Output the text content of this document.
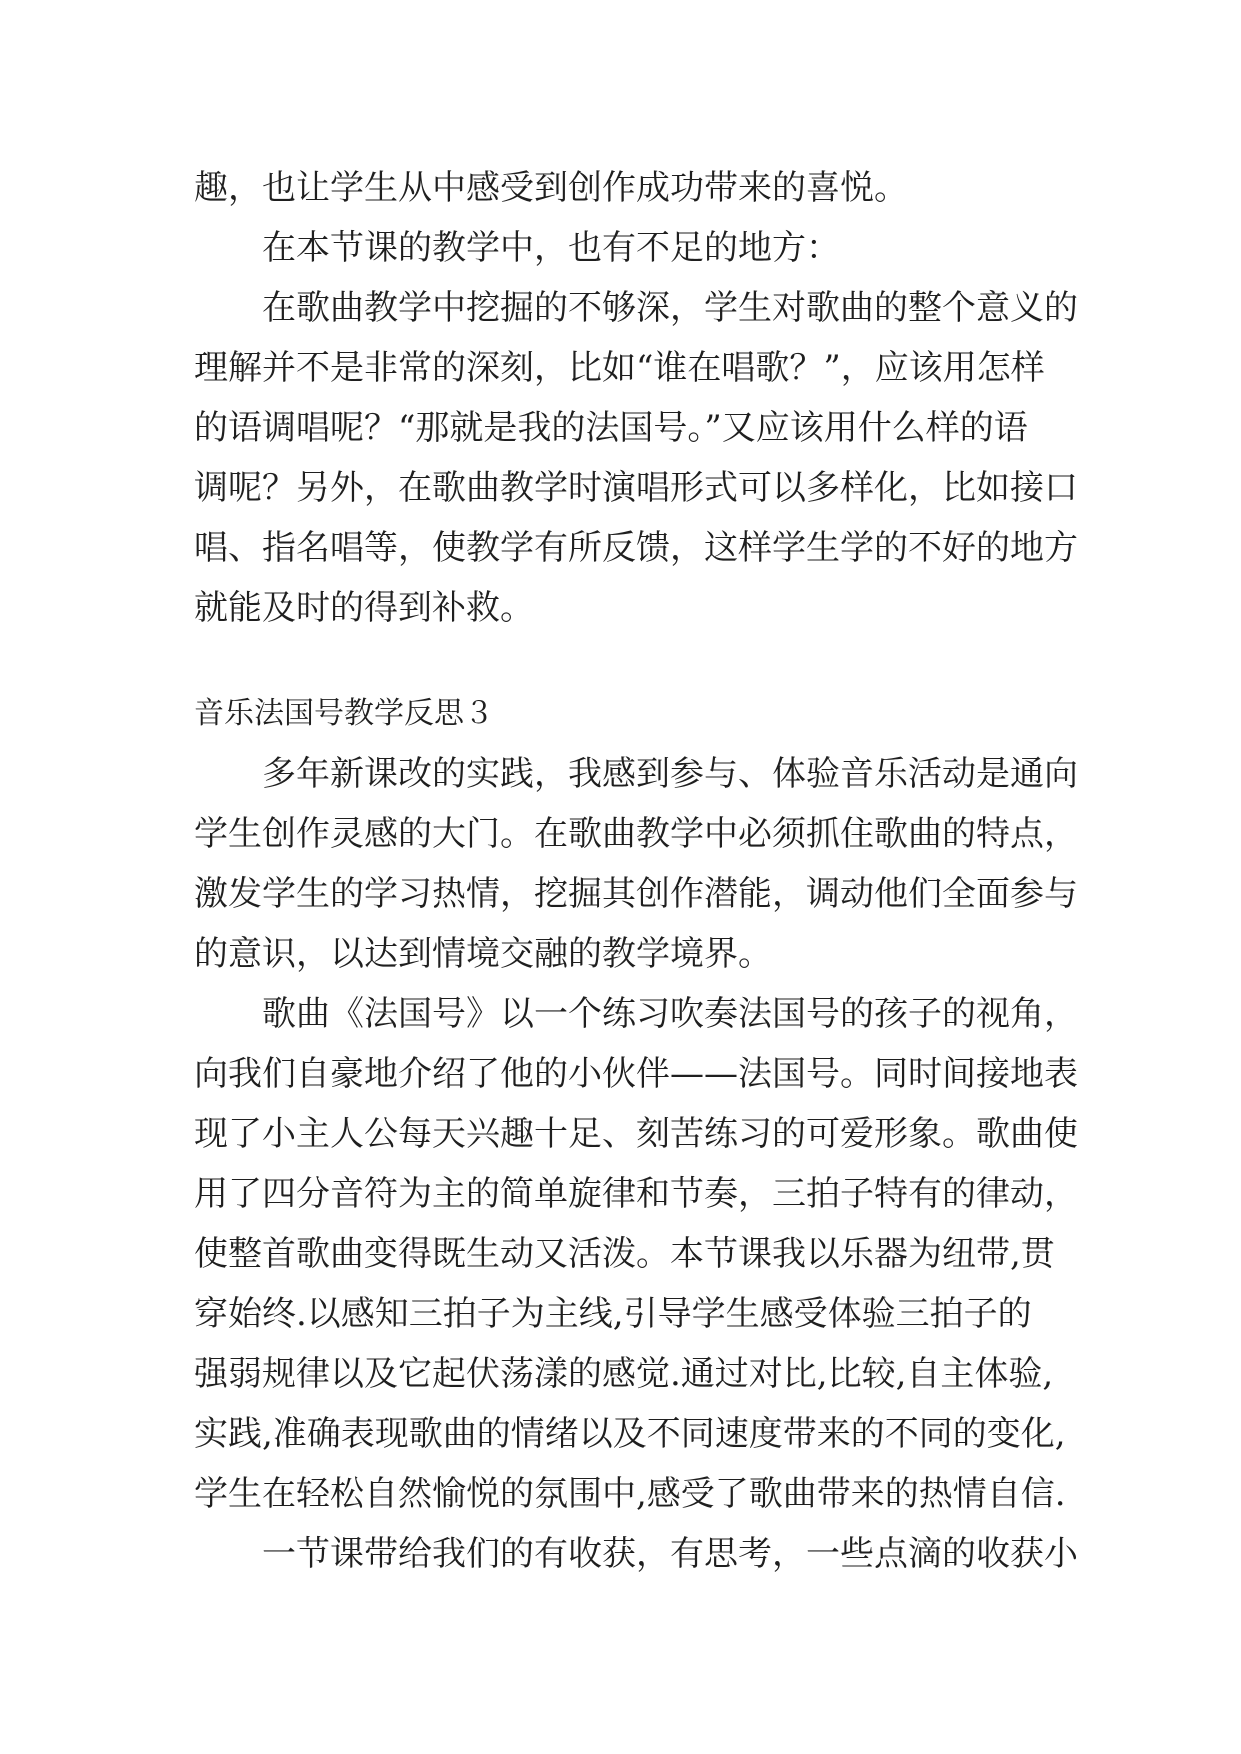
趣，也让学生从中感受到创作成功带来的喜悦。
在本节课的教学中，也有不足的地方：
在歌曲教学中挖掘的不够深，学生对歌曲的整个意义的
理解并不是非常的深刻，比如“谁在唱歌？”，应该用怎样
的语调唱呢？“那就是我的法国号。”又应该用什么样的语
调呢？另外，在歌曲教学时演唱形式可以多样化，比如接口
唱、指名唱等，使教学有所反馈，这样学生学的不好的地方
就能及时的得到补救。
音乐法国号教学反思３
多年新课改的实践，我感到参与、体验音乐活动是通向
学生创作灵感的大门。在歌曲教学中必须抓住歌曲的特点，
激发学生的学习热情，挖掘其创作潜能，调动他们全面参与
的意识，以达到情境交融的教学境界。
歌曲《法国号》以一个练习吹奏法国号的孩子的视角，
向我们自豪地介绍了他的小伙伴——法国号。同时间接地表
现了小主人公每天兴趣十足、刻苦练习的可爱形象。歌曲使
用了四分音符为主的简单旋律和节奏，三拍子特有的律动，
使整首歌曲变得既生动又活泼。本节课我以乐器为纽带,贯
穿始终.以感知三拍子为主线,引导学生感受体验三拍子的
强弱规律以及它起伏荡漾的感觉.通过对比,比较,自主体验,
实践,准确表现歌曲的情绪以及不同速度带来的不同的变化,
学生在轻松自然愉悦的氛围中,感受了歌曲带来的热情自信.
一节课带给我们的有收获，有思考，一些点滴的收获小
